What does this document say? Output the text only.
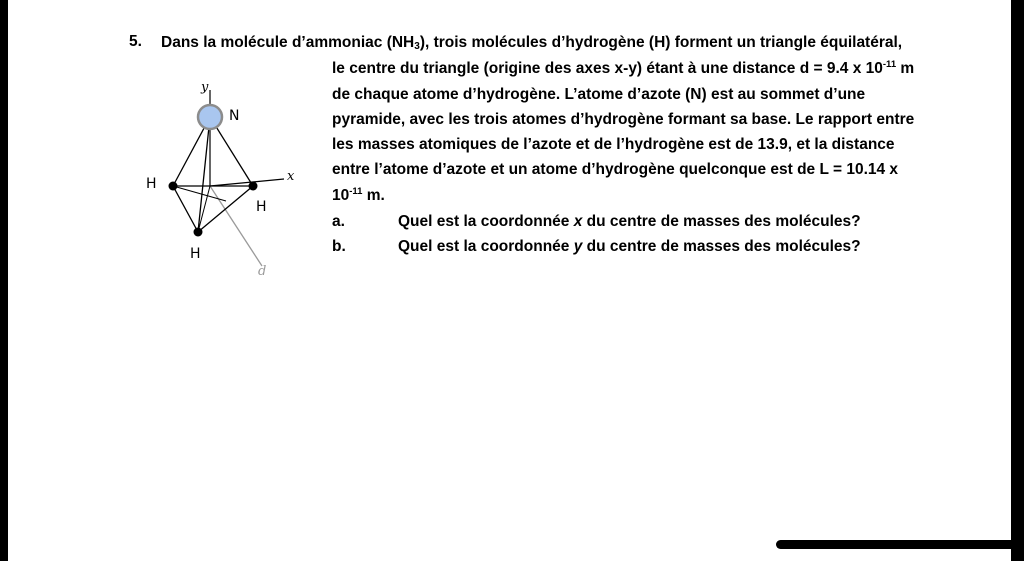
5. Dans la molécule d’ammoniac $(NH_3)$, trois molécules d’hydrogène (H) forment un triangle équilatéral,
le centre du triangle (origine des axes x-y) étant à une distance d = 9.4 x $10^{-11}$ m
de chaque atome d’hydrogène. L’atome d’azote (N) est au sommet d’une
pyramide, avec les trois atomes d’hydrogène formant sa base. Le rapport entre
les masses atomiques de l’azote et de l’hydrogène est de 13.9, et la distance
entre l’atome d’azote et un atome d’hydrogène quelconque est de L = 10.14 x
$10^{-11}$ m.
a.	Quel est la coordonnée x du centre de masses des molécules?
b.	Quel est la coordonnée y du centre de masses des molécules?
y
x
d
N
H
H
H
